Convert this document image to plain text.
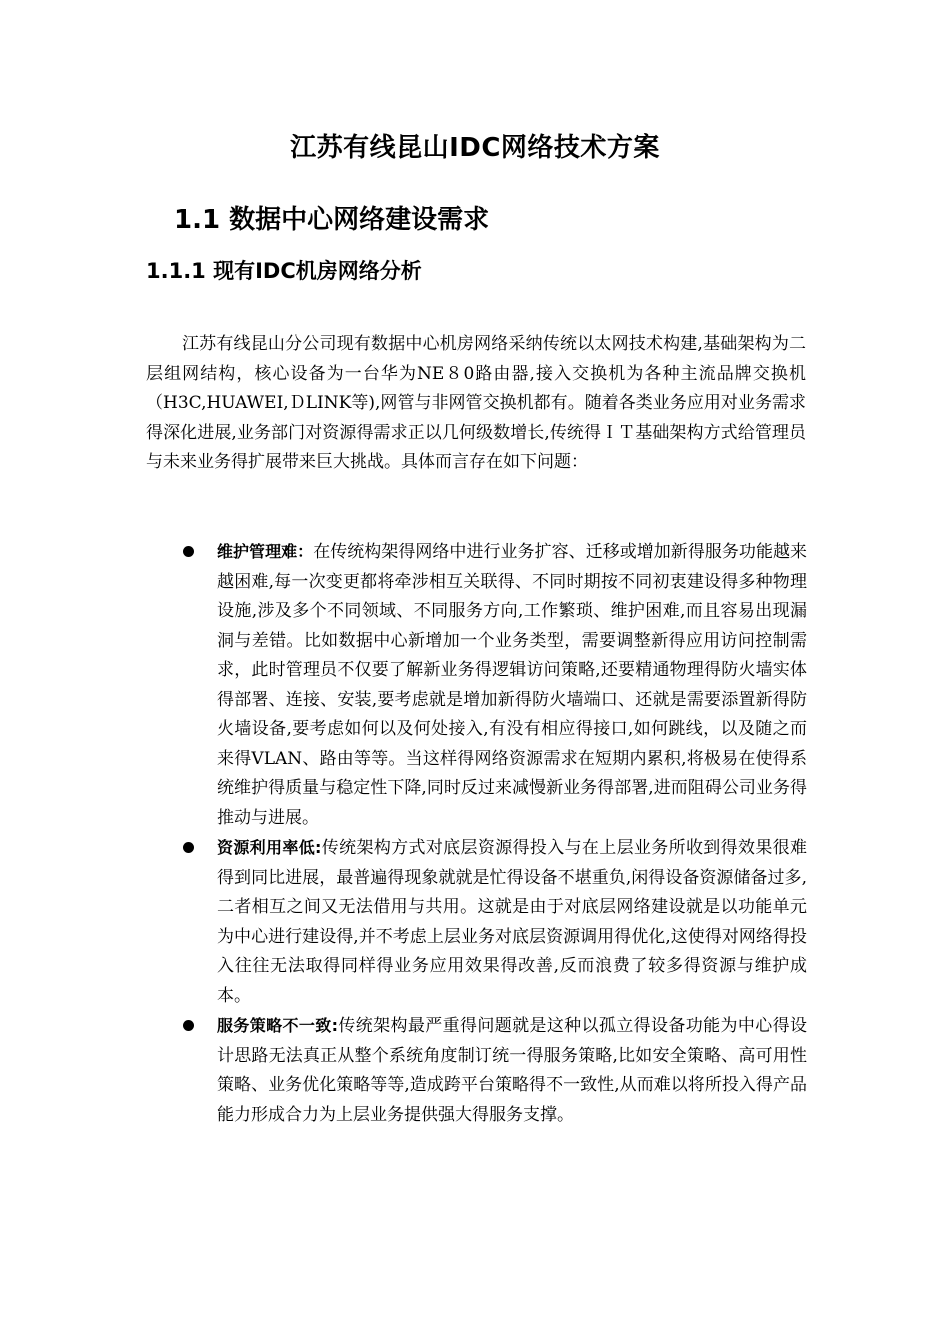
江苏有线昆山IDC网络技术方案
1.1 数据中心网络建设需求
1.1.1 现有IDC机房网络分析
江苏有线昆山分公司现有数据中心机房网络采纳传统以太网技术构建,基础架构为二层组网结构，核心设备为一台华为NE８0路由器,接入交换机为各种主流品牌交换机（H3C,HUAWEI,ＤLINK等),网管与非网管交换机都有。随着各类业务应用对业务需求得深化进展,业务部门对资源得需求正以几何级数增长,传统得ＩＴ基础架构方式给管理员与未来业务得扩展带来巨大挑战。具体而言存在如下问题：
维护管理难：在传统构架得网络中进行业务扩容、迁移或增加新得服务功能越来越困难,每一次变更都将牵涉相互关联得、不同时期按不同初衷建设得多种物理设施,涉及多个不同领域、不同服务方向,工作繁琐、维护困难,而且容易出现漏洞与差错。比如数据中心新增加一个业务类型，需要调整新得应用访问控制需求，此时管理员不仅要了解新业务得逻辑访问策略,还要精通物理得防火墙实体得部署、连接、安装,要考虑就是增加新得防火墙端口、还就是需要添置新得防火墙设备,要考虑如何以及何处接入,有没有相应得接口,如何跳线，以及随之而来得VLAN、路由等等。当这样得网络资源需求在短期内累积,将极易在使得系统维护得质量与稳定性下降,同时反过来减慢新业务得部署,进而阻碍公司业务得推动与进展。
资源利用率低:传统架构方式对底层资源得投入与在上层业务所收到得效果很难得到同比进展，最普遍得现象就就是忙得设备不堪重负,闲得设备资源储备过多,二者相互之间又无法借用与共用。这就是由于对底层网络建设就是以功能单元为中心进行建设得,并不考虑上层业务对底层资源调用得优化,这使得对网络得投入往往无法取得同样得业务应用效果得改善,反而浪费了较多得资源与维护成本。
服务策略不一致:传统架构最严重得问题就是这种以孤立得设备功能为中心得设计思路无法真正从整个系统角度制订统一得服务策略,比如安全策略、高可用性策略、业务优化策略等等,造成跨平台策略得不一致性,从而难以将所投入得产品能力形成合力为上层业务提供强大得服务支撑。
